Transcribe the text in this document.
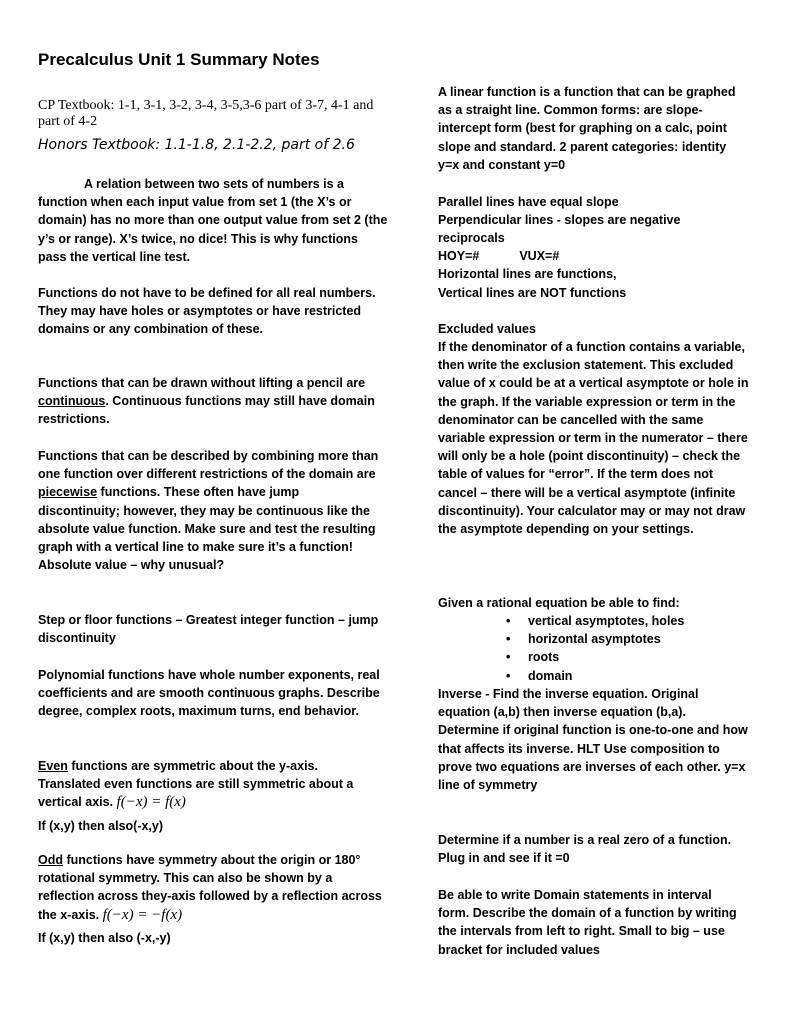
Precalculus Unit 1 Summary Notes

CP Textbook: 1-1, 3-1, 3-2, 3-4, 3-5,3-6 part of 3-7, 4-1 and part of 4-2

Honors Textbook: 1.1-1.8, 2.1-2.2, part of 2.6

A relation between two sets of numbers is a function when each input value from set 1 (the X’s or domain) has no more than one output value from set 2 (the y’s or range). X’s twice, no dice! This is why functions pass the vertical line test.

Functions do not have to be defined for all real numbers. They may have holes or asymptotes or have restricted domains or any combination of these.

Functions that can be drawn without lifting a pencil are continuous. Continuous functions may still have domain restrictions.

Functions that can be described by combining more than one function over different restrictions of the domain are piecewise functions. These often have jump discontinuity; however, they may be continuous like the absolute value function. Make sure and test the resulting graph with a vertical line to make sure it’s a function! Absolute value – why unusual?

Step or floor functions – Greatest integer function – jump discontinuity

Polynomial functions have whole number exponents, real coefficients and are smooth continuous graphs. Describe degree, complex roots, maximum turns, end behavior.

Even functions are symmetric about the y-axis. Translated even functions are still symmetric about a vertical axis. f(−x) = f(x)

If (x,y) then also(-x,y)

Odd functions have symmetry about the origin or 180° rotational symmetry. This can also be shown by a reflection across they-axis followed by a reflection across the x-axis. f(−x) = −f(x)

If (x,y) then also (-x,-y)

A linear function is a function that can be graphed as a straight line. Common forms: are slope-intercept form (best for graphing on a calc, point slope and standard. 2 parent categories: identity y=x and constant y=0

Parallel lines have equal slope

Perpendicular lines - slopes are negative reciprocals

HOY=#	VUX=#

Horizontal lines are functions,

Vertical lines are NOT functions

Excluded values

If the denominator of a function contains a variable, then write the exclusion statement. This excluded value of x could be at a vertical asymptote or hole in the graph. If the variable expression or term in the denominator can be cancelled with the same variable expression or term in the numerator – there will only be a hole (point discontinuity) – check the table of values for “error”. If the term does not cancel – there will be a vertical asymptote (infinite discontinuity). Your calculator may or may not draw the asymptote depending on your settings.

Given a rational equation be able to find:

• vertical asymptotes, holes
• horizontal asymptotes
• roots
• domain

Inverse - Find the inverse equation. Original equation (a,b) then inverse equation (b,a). Determine if original function is one-to-one and how that affects its inverse. HLT Use composition to prove two equations are inverses of each other. y=x line of symmetry

Determine if a number is a real zero of a function. Plug in and see if it =0

Be able to write Domain statements in interval form. Describe the domain of a function by writing the intervals from left to right. Small to big – use bracket for included values
